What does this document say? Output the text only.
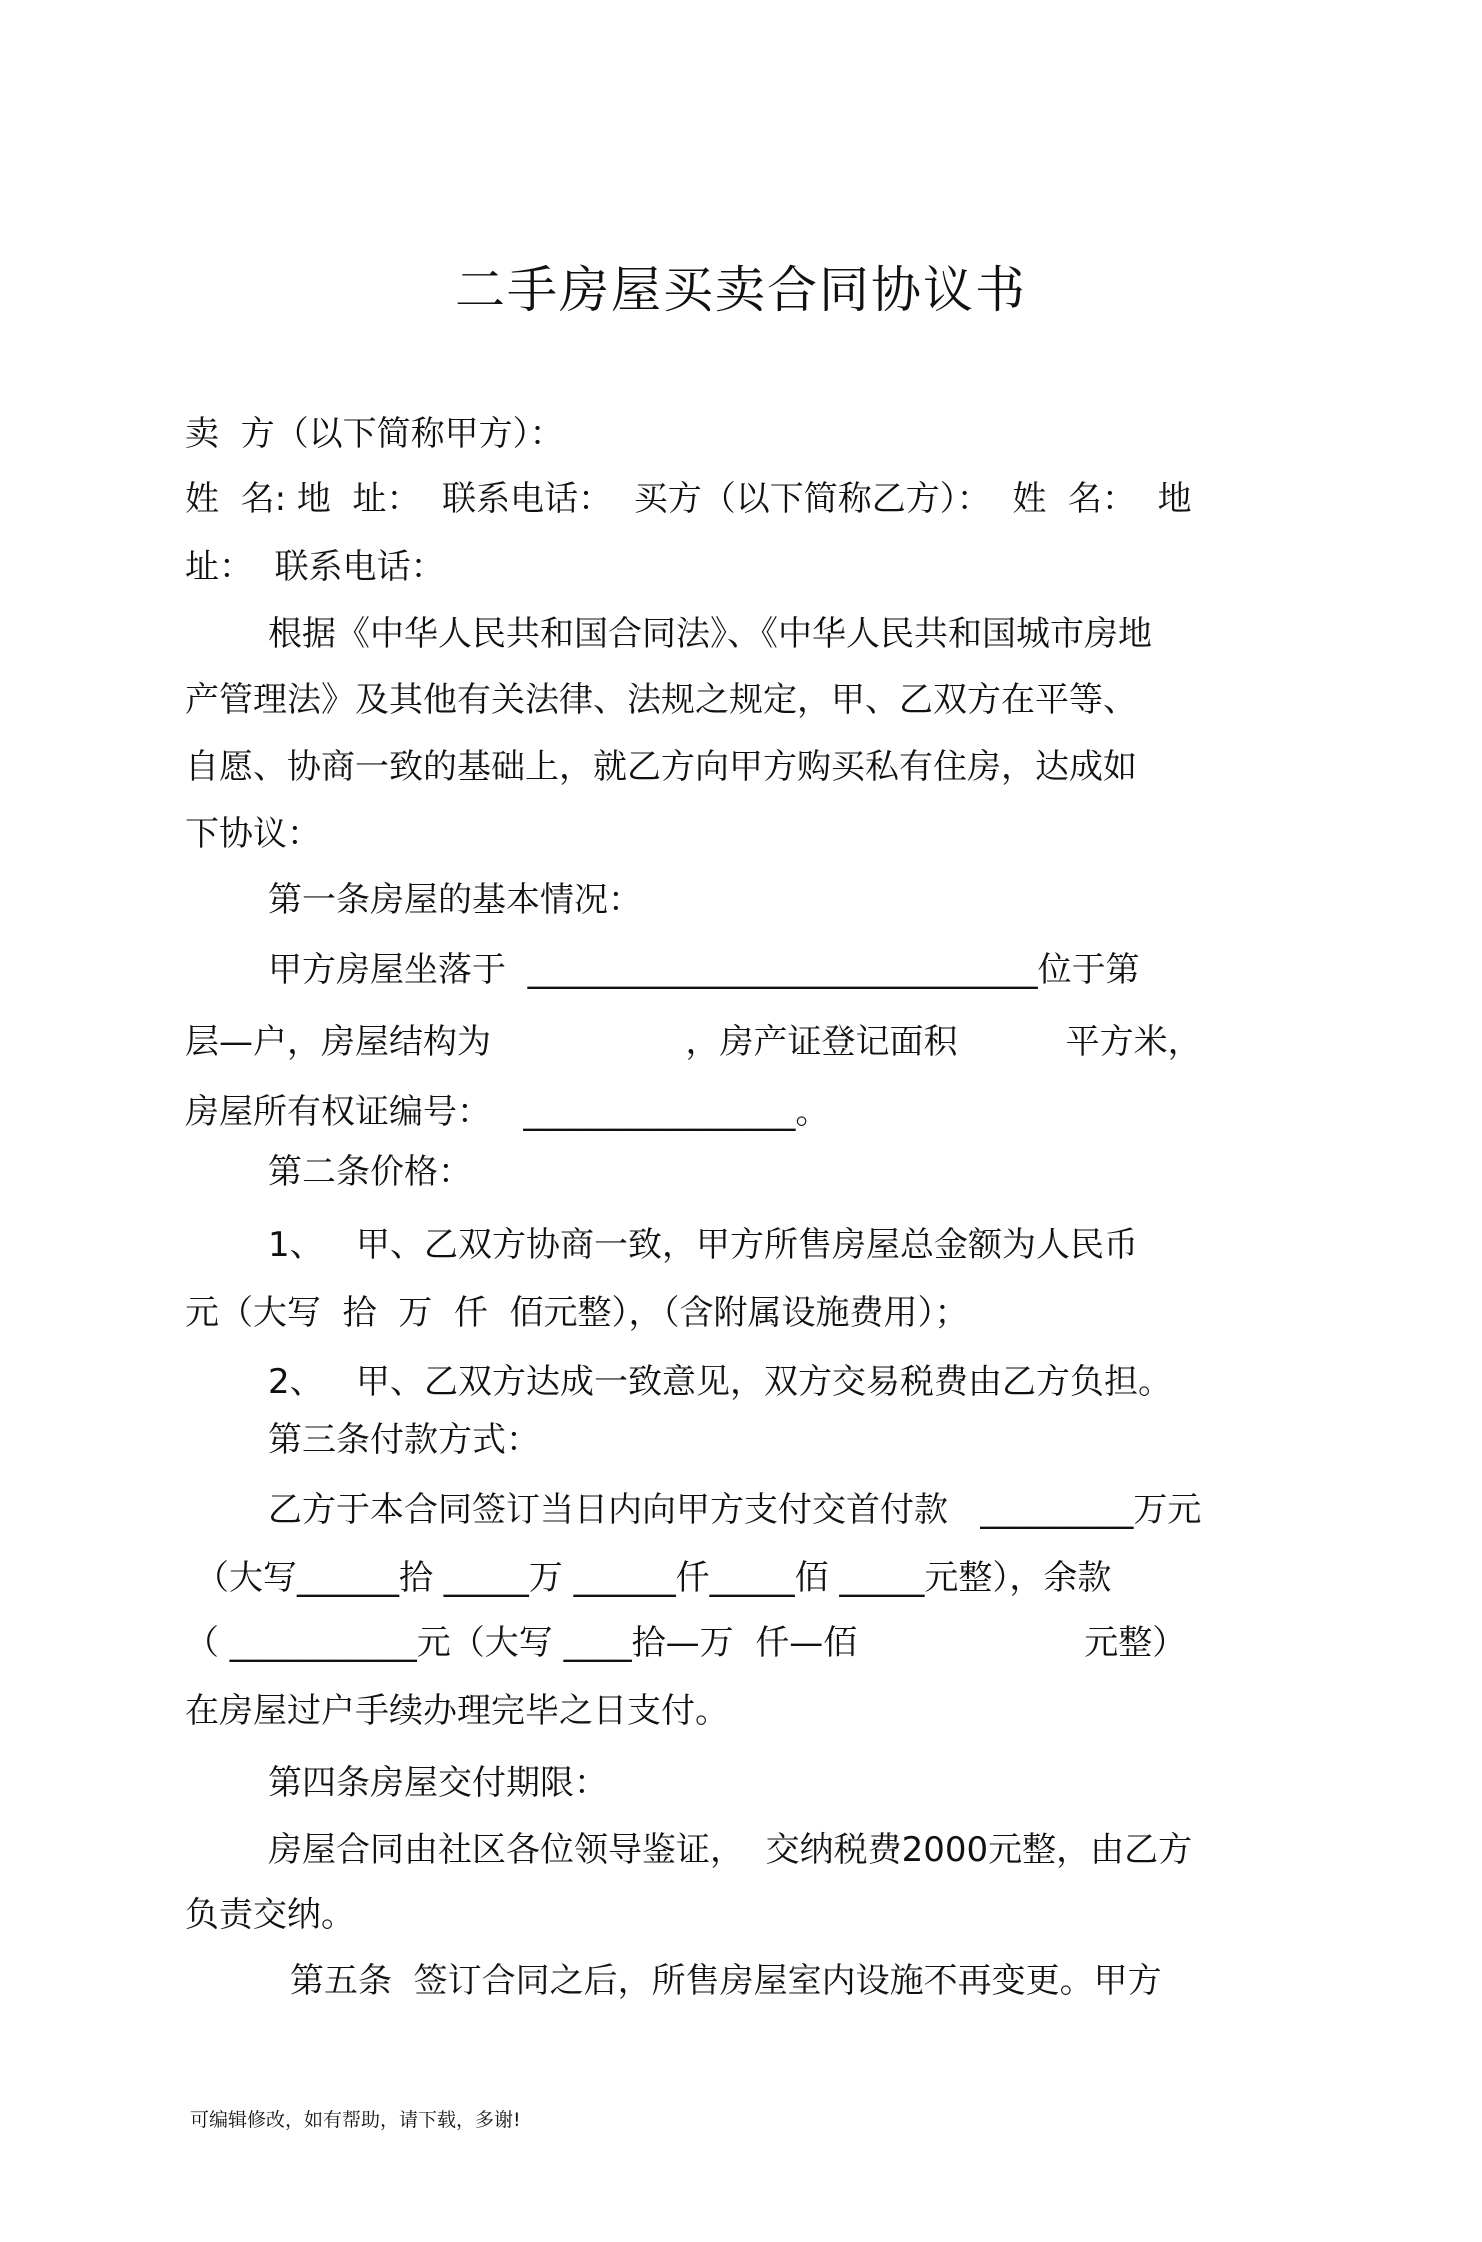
二手房屋买卖合同协议书
卖  方（以下简称甲方）：
姓  名: 地  址：  联系电话：  买方（以下简称乙方）：  姓  名：  地
址：  联系电话：
根据《中华人民共和国合同法》、《中华人民共和国城市房地
产管理法》及其他有关法律、法规之规定，甲、乙双方在平等、
自愿、协商一致的基础上，就乙方向甲方购买私有住房，达成如
下协议：
第一条房屋的基本情况：
甲方房屋坐落于  ______________________________位于第
层—户，房屋结构为                  ，房产证登记面积          平方米，
房屋所有权证编号：   ________________。
第二条价格：
1、   甲、乙双方协商一致，甲方所售房屋总金额为人民币
元（大写  拾  万  仟  佰元整），（含附属设施费用）；
2、   甲、乙双方达成一致意见，双方交易税费由乙方负担。
第三条付款方式：
乙方于本合同签订当日内向甲方支付交首付款   _________万元
（大写______拾 _____万 ______仟_____佰 _____元整），余款
（ ___________元（大写 ____拾—万  仟—佰                     元整）
在房屋过户手续办理完毕之日支付。
第四条房屋交付期限：
房屋合同由社区各位领导鉴证，  交纳税费2000元整，由乙方
负责交纳。
第五条  签订合同之后，所售房屋室内设施不再变更。甲方
可编辑修改，如有帮助，请下载，多谢!
